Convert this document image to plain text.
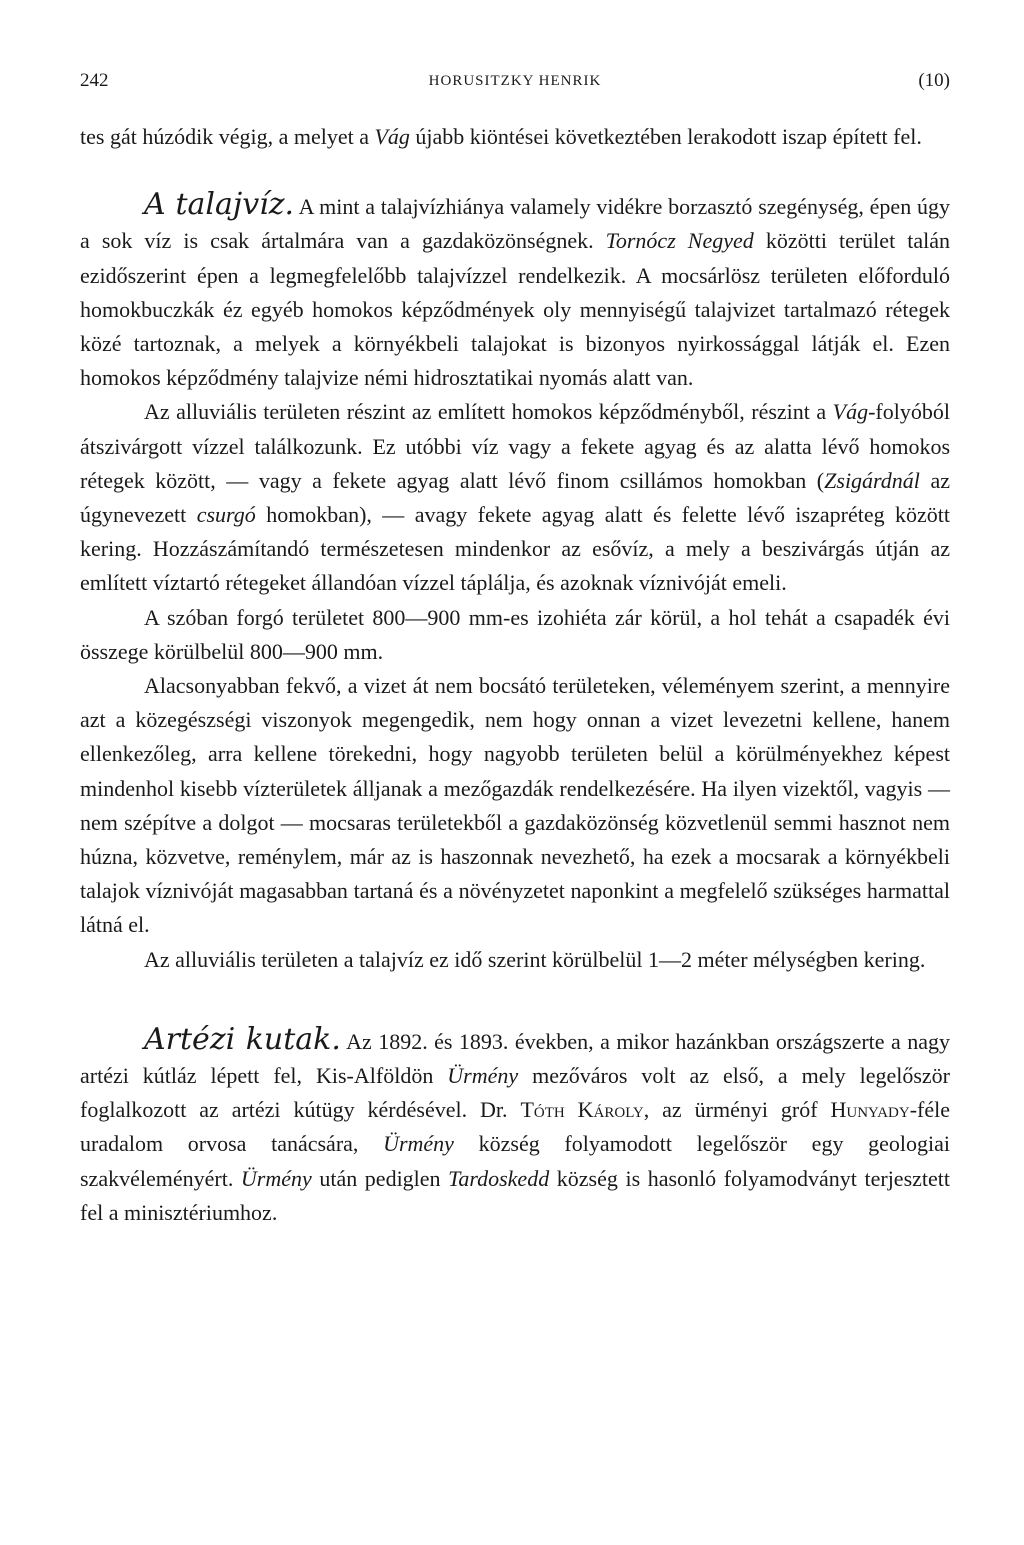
242	HORUSITZKY HENRIK	(10)

tes gát húzódik végig, a melyet a Vág újabb kiöntései következtében lerakodott iszap épített fel.

A talajvíz. A mint a talajvízhiánya valamely vidékre borzasztó szegénység, épen úgy a sok víz is csak ártalmára van a gazdaközönségnek. Tornócz Negyed közötti terület talán ezidőszerint épen a legmegfelelőbb talajvízzel rendelkezik. A mocsárlösz területen előforduló homokbuczkák éz egyéb homokos képződmények oly mennyiségű talajvizet tartalmazó rétegek közé tartoznak, a melyek a környékbeli talajokat is bizonyos nyirkossággal látják el. Ezen homokos képződmény talajvize némi hidrosztatikai nyomás alatt van.

Az alluviális területen részint az említett homokos képződményből, részint a Vág-folyóból átszivárgott vízzel találkozunk. Ez utóbbi víz vagy a fekete agyag és az alatta lévő homokos rétegek között, — vagy a fekete agyag alatt lévő finom csillámos homokban (Zsigárdnál az úgynevezett csurgó homokban), — avagy fekete agyag alatt és felette lévő iszapréteg között kering. Hozzászámítandó természetesen mindenkor az esővíz, a mely a beszivárgás útján az említett víztartó rétegeket állandóan vízzel táplálja, és azoknak víznivóját emeli.

A szóban forgó területet 800—900 mm-es izohiéta zár körül, a hol tehát a csapadék évi összege körülbelül 800—900 mm.

Alacsonyabban fekvő, a vizet át nem bocsátó területeken, véleményem szerint, a mennyire azt a közegészségi viszonyok megengedik, nem hogy onnan a vizet levezetni kellene, hanem ellenkezőleg, arra kellene törekedni, hogy nagyobb területen belül a körülményekhez képest mindenhol kisebb vízterületek álljanak a mezőgazdák rendelkezésére. Ha ilyen vizektől, vagyis — nem szépítve a dolgot — mocsaras területekből a gazdaközönség közvetlenül semmi hasznot nem húzna, közvetve, reménylem, már az is haszonnak nevezhető, ha ezek a mocsarak a környékbeli talajok víznivóját magasabban tartaná és a növényzetet naponkint a megfelelő szükséges harmattal látná el.

Az alluviális területen a talajvíz ez idő szerint körülbelül 1—2 méter mélységben kering.

Artézi kutak. Az 1892. és 1893. években, a mikor hazánkban országszerte a nagy artézi kútláz lépett fel, Kis-Alföldön Ürmény mezőváros volt az első, a mely legelőször foglalkozott az artézi kútügy kérdésével. Dr. Tóth Károly, az ürményi gróf Hunyady-féle uradalom orvosa tanácsára, Ürmény község folyamodott legelőször egy geologiai szakvéleményért. Ürmény után pediglen Tardoskedd község is hasonló folyamodványt terjesztett fel a minisztériumhoz.
